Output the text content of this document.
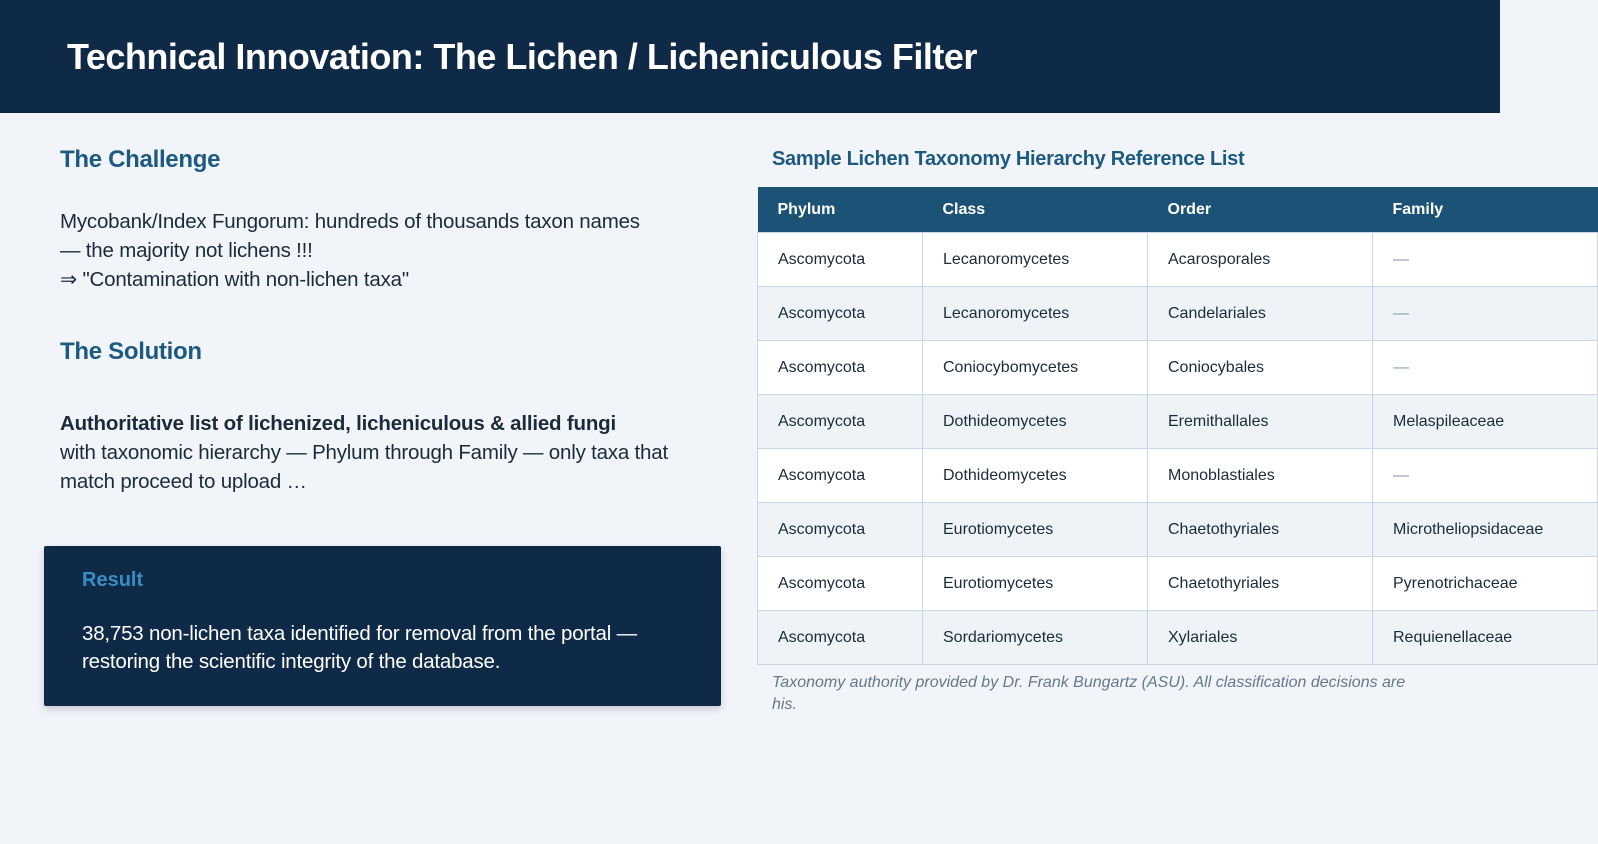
Technical Innovation: The Lichen / Licheniculous Filter
The Challenge
Mycobank/Index Fungorum: hundreds of thousands taxon names
— the majority not lichens !!!
⇒ "Contamination with non-lichen taxa"
The Solution
Authoritative list of lichenized, licheniculous & allied fungi
with taxonomic hierarchy — Phylum through Family — only taxa that match proceed to upload …
Result
38,753 non-lichen taxa identified for removal from the portal — restoring the scientific integrity of the database.
Sample Lichen Taxonomy Hierarchy Reference List
Phylum	Class	Order	Family
Ascomycota	Lecanoromycetes	Acarosporales	—
Ascomycota	Lecanoromycetes	Candelariales	—
Ascomycota	Coniocybomycetes	Coniocybales	—
Ascomycota	Dothideomycetes	Eremithallales	Melaspileaceae
Ascomycota	Dothideomycetes	Monoblastiales	—
Ascomycota	Eurotiomycetes	Chaetothyriales	Microtheliopsidaceae
Ascomycota	Eurotiomycetes	Chaetothyriales	Pyrenotrichaceae
Ascomycota	Sordariomycetes	Xylariales	Requienellaceae
Taxonomy authority provided by Dr. Frank Bungartz (ASU). All classification decisions are his.
